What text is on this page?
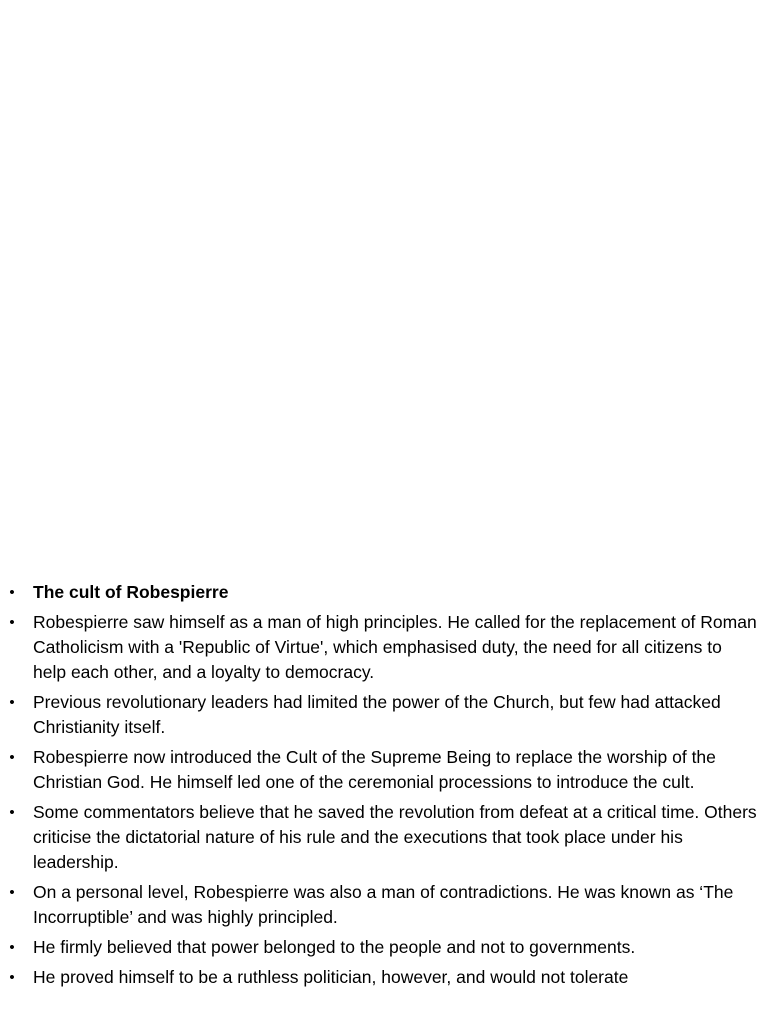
• The cult of Robespierre
• Robespierre saw himself as a man of high principles. He called for the replacement of Roman Catholicism with a 'Republic of Virtue', which emphasised duty, the need for all citizens to help each other, and a loyalty to democracy.
• Previous revolutionary leaders had limited the power of the Church, but few had attacked Christianity itself.
• Robespierre now introduced the Cult of the Supreme Being to replace the worship of the Christian God. He himself led one of the ceremonial processions to introduce the cult.
• Some commentators believe that he saved the revolution from defeat at a critical time. Others criticise the dictatorial nature of his rule and the executions that took place under his leadership.
• On a personal level, Robespierre was also a man of contradictions. He was known as ‘The Incorruptible’ and was highly principled.
• He firmly believed that power belonged to the people and not to governments.
• He proved himself to be a ruthless politician, however, and would not tolerate
